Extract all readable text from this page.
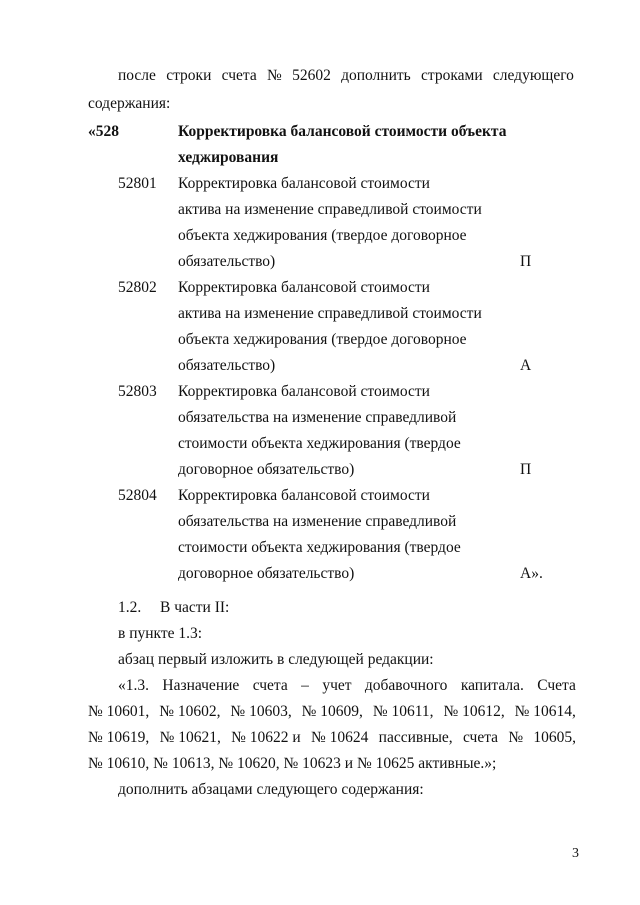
после строки счета № 52602 дополнить строками следующего
содержания:
«528	Корректировка балансовой стоимости объекта
хеджирования
52801 Корректировка балансовой стоимости
актива на изменение справедливой стоимости
объекта хеджирования (твердое договорное
обязательство)	П
52802 Корректировка балансовой стоимости
актива на изменение справедливой стоимости
объекта хеджирования (твердое договорное
обязательство)	А
52803 Корректировка балансовой стоимости
обязательства на изменение справедливой
стоимости объекта хеджирования (твердое
договорное обязательство)	П
52804 Корректировка балансовой стоимости
обязательства на изменение справедливой
стоимости объекта хеджирования (твердое
договорное обязательство)	А».
1.2. В части II:
в пункте 1.3:
абзац первый изложить в следующей редакции:
«1.3. Назначение счета – учет добавочного капитала. Счета
№ 10601, № 10602, № 10603, № 10609, № 10611, № 10612, № 10614,
№ 10619, № 10621, № 10622 и № 10624 пассивные, счета № 10605,
№ 10610, № 10613, № 10620, № 10623 и № 10625 активные.»;
дополнить абзацами следующего содержания:
3
